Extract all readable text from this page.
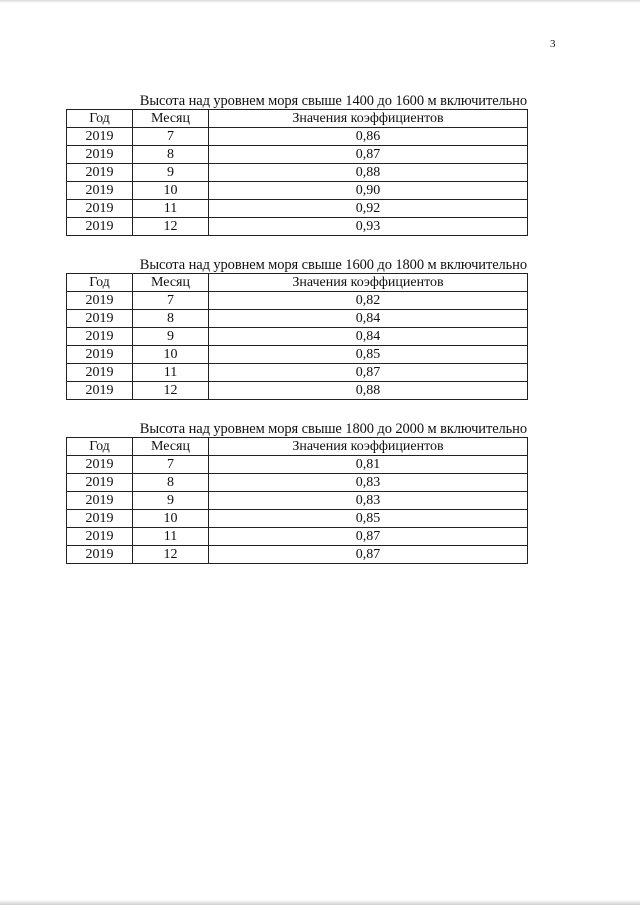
3
Высота над уровнем моря свыше 1400 до 1600 м включительно
Год	Месяц	Значения коэффициентов
2019	7	0,86
2019	8	0,87
2019	9	0,88
2019	10	0,90
2019	11	0,92
2019	12	0,93
Высота над уровнем моря свыше 1600 до 1800 м включительно
Год	Месяц	Значения коэффициентов
2019	7	0,82
2019	8	0,84
2019	9	0,84
2019	10	0,85
2019	11	0,87
2019	12	0,88
Высота над уровнем моря свыше 1800 до 2000 м включительно
Год	Месяц	Значения коэффициентов
2019	7	0,81
2019	8	0,83
2019	9	0,83
2019	10	0,85
2019	11	0,87
2019	12	0,87
